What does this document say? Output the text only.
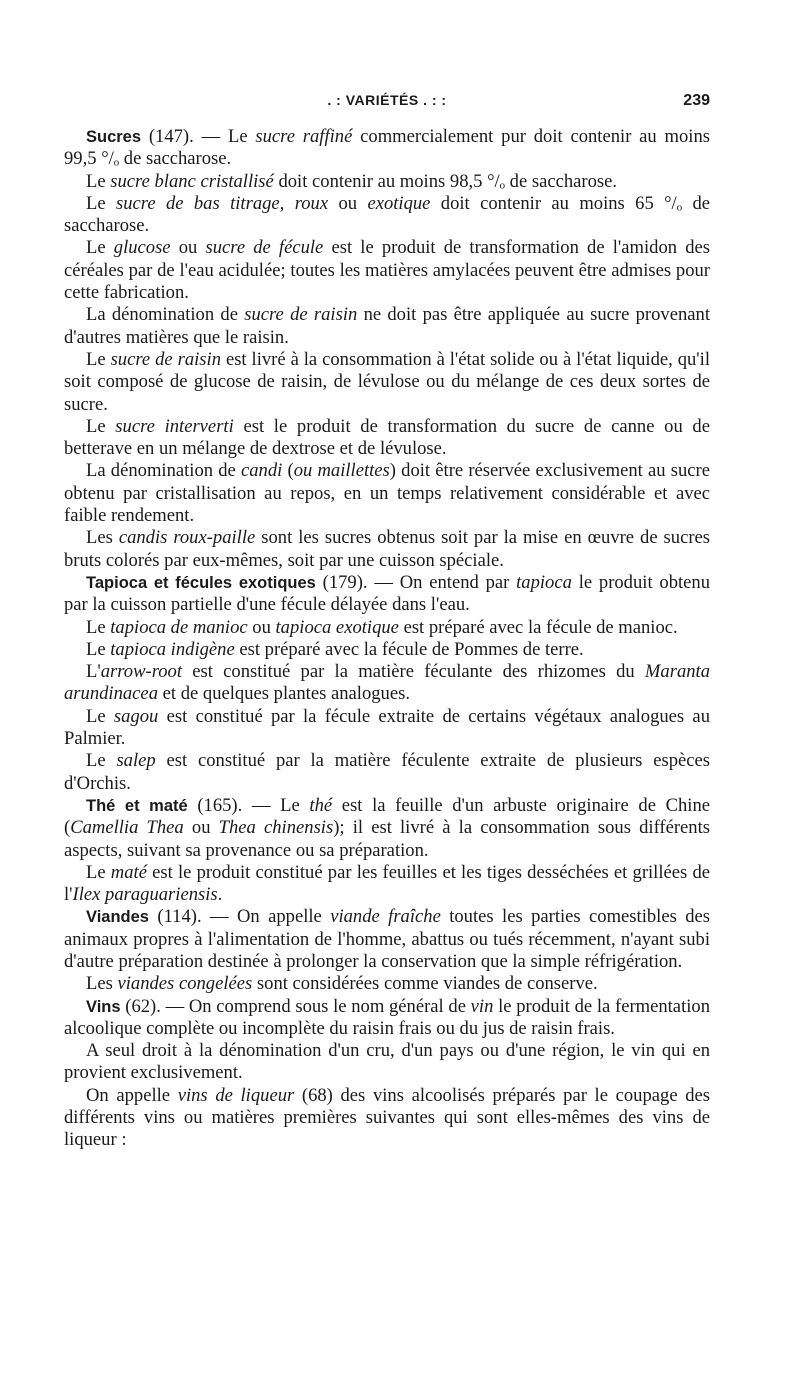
. : VARIÉTÉS . : :	239

Sucres (147). — Le sucre raffiné commercialement pur doit contenir au moins 99,5 °/ₒ de saccharose.

Le sucre blanc cristallisé doit contenir au moins 98,5 °/ₒ de saccharose.

Le sucre de bas titrage, roux ou exotique doit contenir au moins 65 °/ₒ de saccharose.

Le glucose ou sucre de fécule est le produit de transformation de l'amidon des céréales par de l'eau acidulée; toutes les matières amylacées peuvent être admises pour cette fabrication.

La dénomination de sucre de raisin ne doit pas être appliquée au sucre provenant d'autres matières que le raisin.

Le sucre de raisin est livré à la consommation à l'état solide ou à l'état liquide, qu'il soit composé de glucose de raisin, de lévulose ou du mélange de ces deux sortes de sucre.

Le sucre interverti est le produit de transformation du sucre de canne ou de betterave en un mélange de dextrose et de lévulose.

La dénomination de candi (ou maillettes) doit être réservée exclusivement au sucre obtenu par cristallisation au repos, en un temps relativement considérable et avec faible rendement.

Les candis roux-paille sont les sucres obtenus soit par la mise en œuvre de sucres bruts colorés par eux-mêmes, soit par une cuisson spéciale.

Tapioca et fécules exotiques (179). — On entend par tapioca le produit obtenu par la cuisson partielle d'une fécule délayée dans l'eau.

Le tapioca de manioc ou tapioca exotique est préparé avec la fécule de manioc.

Le tapioca indigène est préparé avec la fécule de Pommes de terre.

L'arrow-root est constitué par la matière féculante des rhizomes du Maranta arundinacea et de quelques plantes analogues.

Le sagou est constitué par la fécule extraite de certains végétaux analogues au Palmier.

Le salep est constitué par la matière féculente extraite de plusieurs espèces d'Orchis.

Thé et maté (165). — Le thé est la feuille d'un arbuste originaire de Chine (Camellia Thea ou Thea chinensis); il est livré à la consommation sous différents aspects, suivant sa provenance ou sa préparation.

Le maté est le produit constitué par les feuilles et les tiges desséchées et grillées de l'Ilex paraguariensis.

Viandes (114). — On appelle viande fraîche toutes les parties comestibles des animaux propres à l'alimentation de l'homme, abattus ou tués récemment, n'ayant subi d'autre préparation destinée à prolonger la conservation que la simple réfrigération.

Les viandes congelées sont considérées comme viandes de conserve.

Vins (62). — On comprend sous le nom général de vin le produit de la fermentation alcoolique complète ou incomplète du raisin frais ou du jus de raisin frais.

A seul droit à la dénomination d'un cru, d'un pays ou d'une région, le vin qui en provient exclusivement.

On appelle vins de liqueur (68) des vins alcoolisés préparés par le coupage des différents vins ou matières premières suivantes qui sont elles-mêmes des vins de liqueur :
